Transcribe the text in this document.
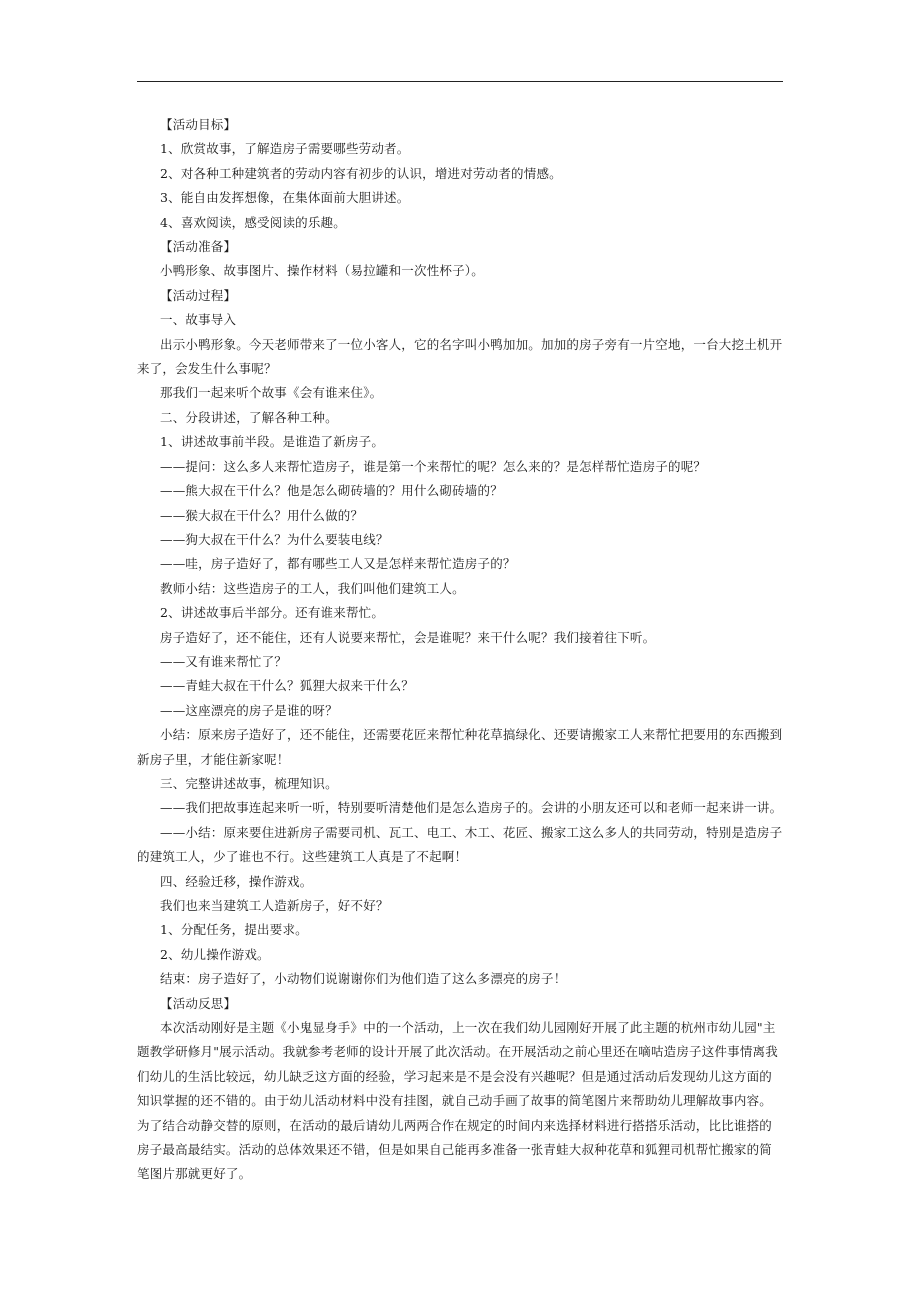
【活动目标】

1、欣赏故事，了解造房子需要哪些劳动者。

2、对各种工种建筑者的劳动内容有初步的认识，增进对劳动者的情感。

3、能自由发挥想像，在集体面前大胆讲述。

4、喜欢阅读，感受阅读的乐趣。

【活动准备】

小鸭形象、故事图片、操作材料（易拉罐和一次性杯子）。

【活动过程】

一、故事导入

出示小鸭形象。今天老师带来了一位小客人，它的名字叫小鸭加加。加加的房子旁有一片空地，一台大挖土机开来了，会发生什么事呢？

那我们一起来听个故事《会有谁来住》。

二、分段讲述，了解各种工种。

1、讲述故事前半段。是谁造了新房子。

——提问：这么多人来帮忙造房子，谁是第一个来帮忙的呢？怎么来的？是怎样帮忙造房子的呢？

——熊大叔在干什么？他是怎么砌砖墙的？用什么砌砖墙的？

——猴大叔在干什么？用什么做的？

——狗大叔在干什么？为什么要装电线？

——哇，房子造好了，都有哪些工人又是怎样来帮忙造房子的？

教师小结：这些造房子的工人，我们叫他们建筑工人。

2、讲述故事后半部分。还有谁来帮忙。

房子造好了，还不能住，还有人说要来帮忙，会是谁呢？来干什么呢？我们接着往下听。

——又有谁来帮忙了？

——青蛙大叔在干什么？狐狸大叔来干什么？

——这座漂亮的房子是谁的呀？

小结：原来房子造好了，还不能住，还需要花匠来帮忙种花草搞绿化、还要请搬家工人来帮忙把要用的东西搬到新房子里，才能住新家呢！

三、完整讲述故事，梳理知识。

——我们把故事连起来听一听，特别要听清楚他们是怎么造房子的。会讲的小朋友还可以和老师一起来讲一讲。

——小结：原来要住进新房子需要司机、瓦工、电工、木工、花匠、搬家工这么多人的共同劳动，特别是造房子的建筑工人，少了谁也不行。这些建筑工人真是了不起啊！

四、经验迁移，操作游戏。

我们也来当建筑工人造新房子，好不好？

1、分配任务，提出要求。

2、幼儿操作游戏。

结束：房子造好了，小动物们说谢谢你们为他们造了这么多漂亮的房子！

【活动反思】

本次活动刚好是主题《小鬼显身手》中的一个活动，上一次在我们幼儿园刚好开展了此主题的杭州市幼儿园"主题教学研修月"展示活动。我就参考老师的设计开展了此次活动。在开展活动之前心里还在嘀咕造房子这件事情离我们幼儿的生活比较远，幼儿缺乏这方面的经验，学习起来是不是会没有兴趣呢？但是通过活动后发现幼儿这方面的知识掌握的还不错的。由于幼儿活动材料中没有挂图，就自己动手画了故事的简笔图片来帮助幼儿理解故事内容。为了结合动静交替的原则，在活动的最后请幼儿两两合作在规定的时间内来选择材料进行搭搭乐活动，比比谁搭的房子最高最结实。活动的总体效果还不错，但是如果自己能再多准备一张青蛙大叔种花草和狐狸司机帮忙搬家的简笔图片那就更好了。
